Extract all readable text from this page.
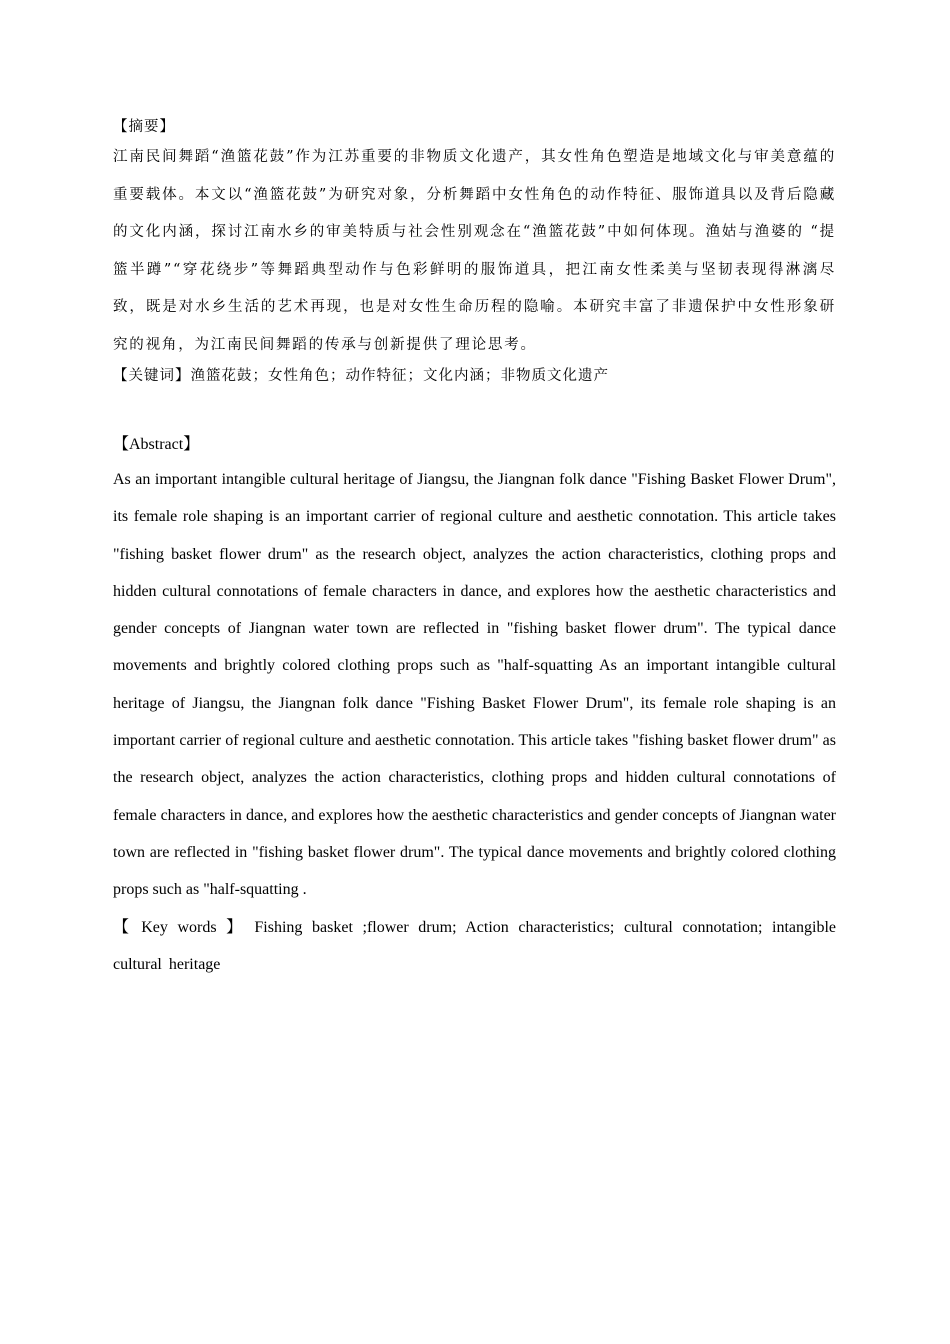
【摘要】

江南民间舞蹈“渔篮花鼓”作为江苏重要的非物质文化遗产，其女性角色塑造是地域文化与审美意蕴的重要载体。本文以“渔篮花鼓”为研究对象，分析舞蹈中女性角色的动作特征、服饰道具以及背后隐藏的文化内涵，探讨江南水乡的审美特质与社会性别观念在“渔篮花鼓”中如何体现。渔姑与渔婆的 “提篮半蹲”“穿花绕步”等舞蹈典型动作与色彩鲜明的服饰道具，把江南女性柔美与坚韧表现得淋漓尽致，既是对水乡生活的艺术再现，也是对女性生命历程的隐喻。本研究丰富了非遗保护中女性形象研究的视角，为江南民间舞蹈的传承与创新提供了理论思考。

【关键词】渔篮花鼓；女性角色；动作特征；文化内涵；非物质文化遗产

【Abstract】

As an important intangible cultural heritage of Jiangsu, the Jiangnan folk dance "Fishing Basket Flower Drum", its female role shaping is an important carrier of regional culture and aesthetic connotation. This article takes "fishing basket flower drum" as the research object, analyzes the action characteristics, clothing props and hidden cultural connotations of female characters in dance, and explores how the aesthetic characteristics and gender concepts of Jiangnan water town are reflected in "fishing basket flower drum". The typical dance movements and brightly colored clothing props such as "half-squatting As an important intangible cultural heritage of Jiangsu, the Jiangnan folk dance "Fishing Basket Flower Drum", its female role shaping is an important carrier of regional culture and aesthetic connotation. This article takes "fishing basket flower drum" as the research object, analyzes the action characteristics, clothing props and hidden cultural connotations of female characters in dance, and explores how the aesthetic characteristics and gender concepts of Jiangnan water town are reflected in "fishing basket flower drum". The typical dance movements and brightly colored clothing props such as "half-squatting .

【 Key words 】 Fishing basket ;flower drum; Action characteristics; cultural connotation; intangible cultural heritage
